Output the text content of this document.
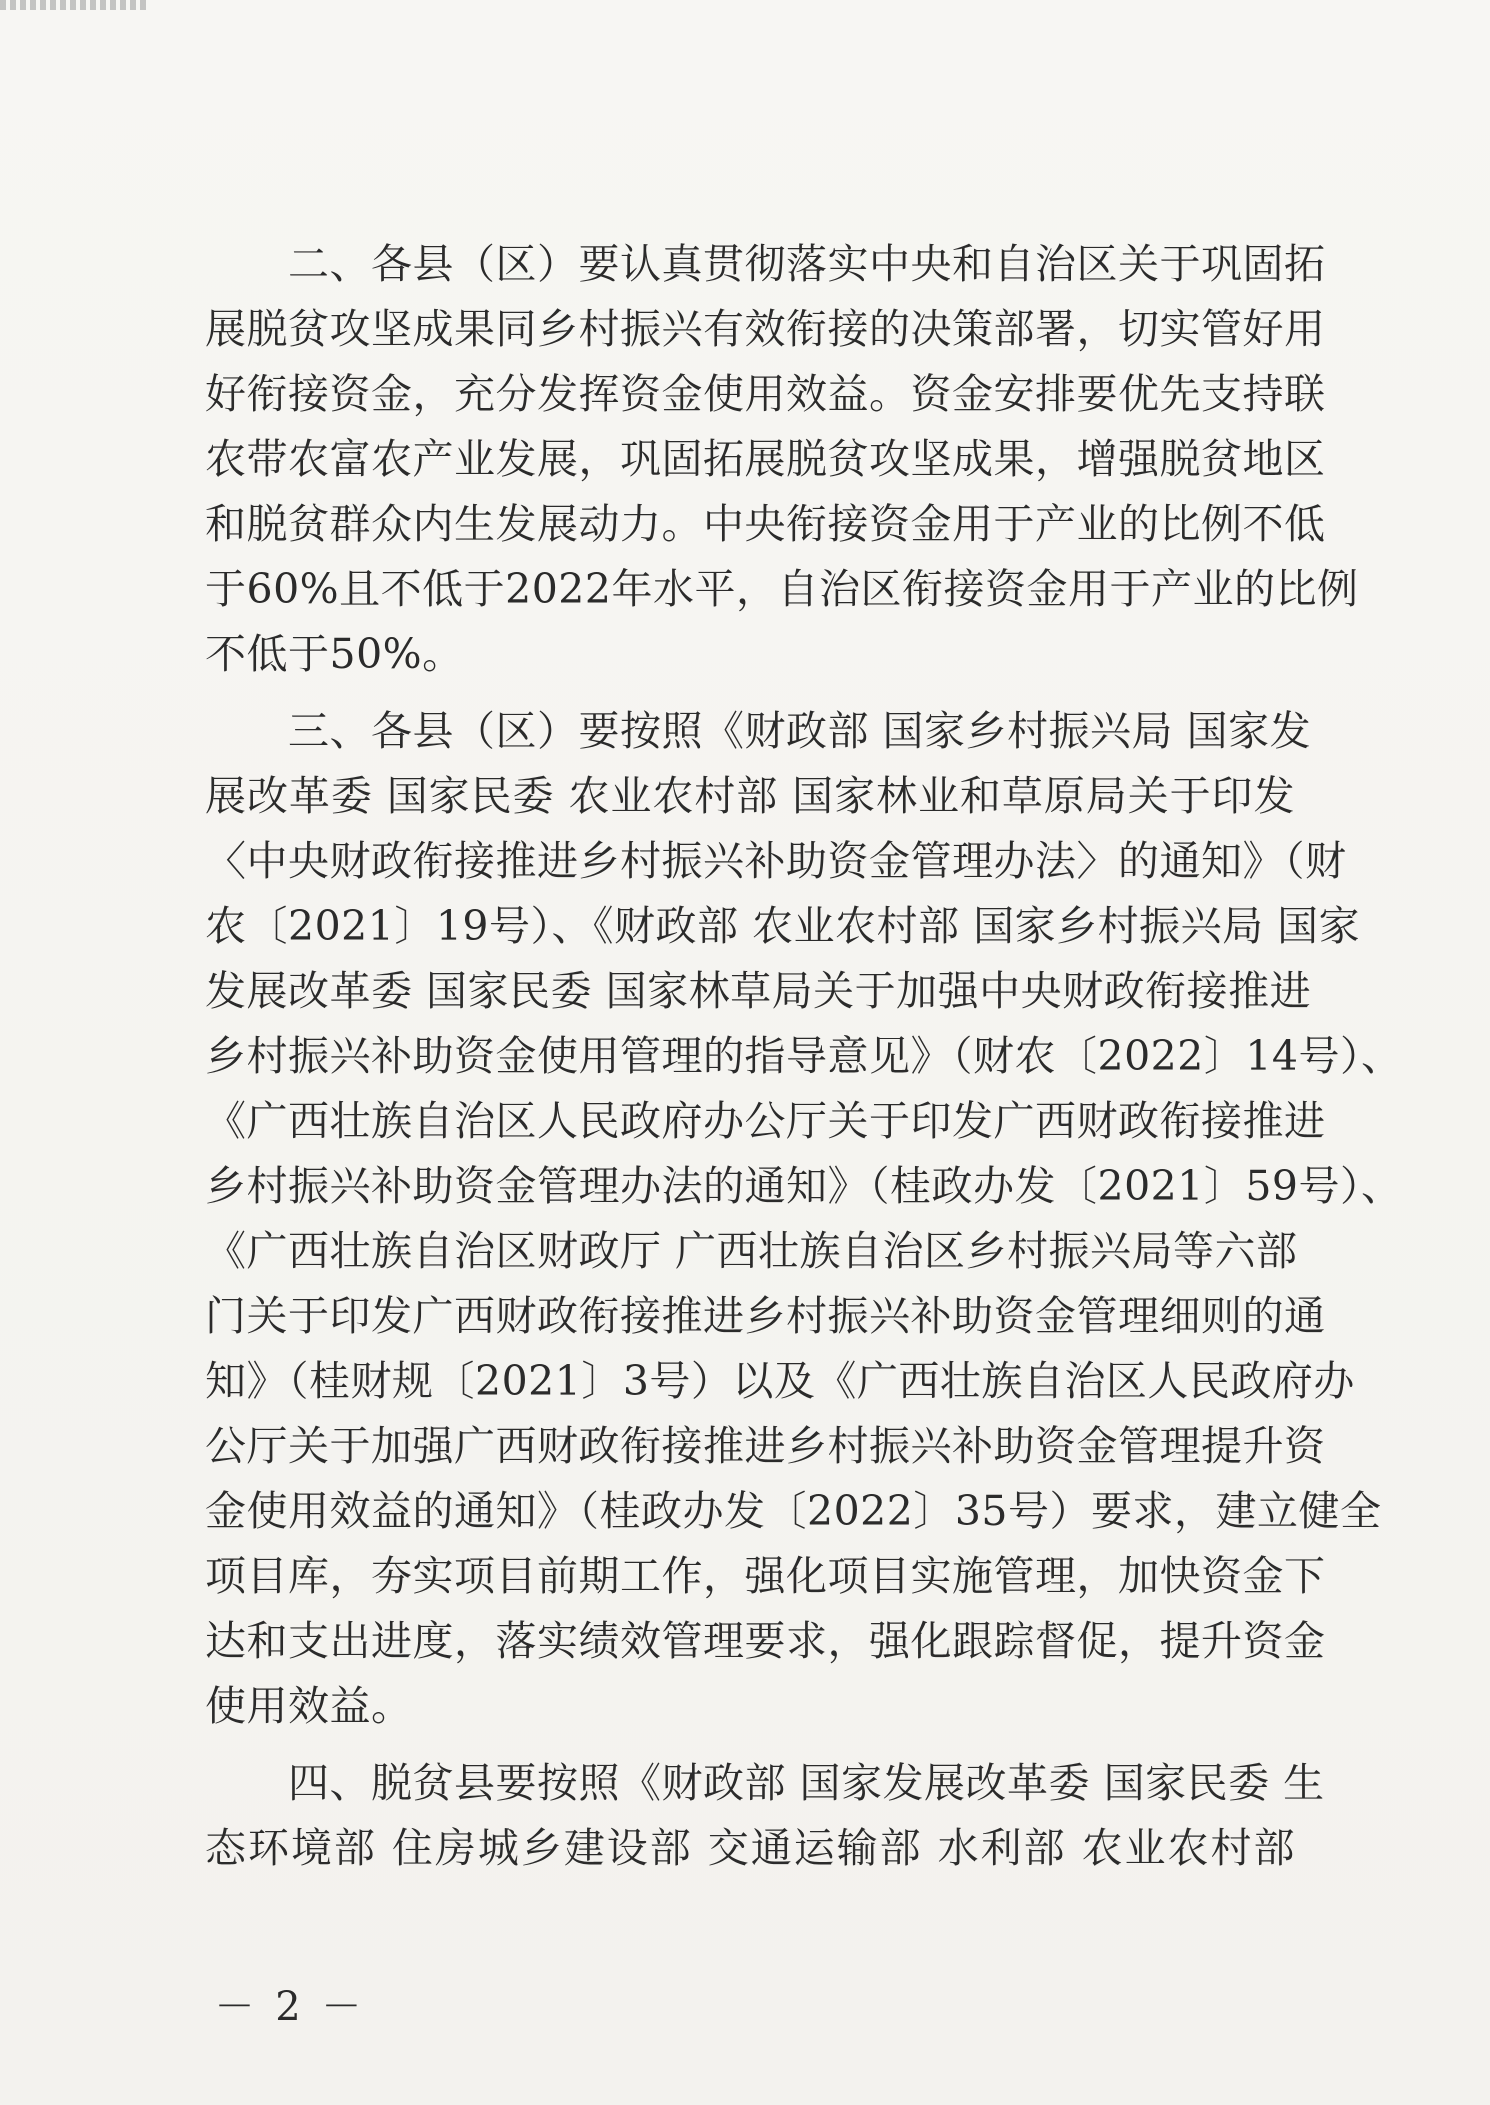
　　二、各县（区）要认真贯彻落实中央和自治区关于巩固拓
展脱贫攻坚成果同乡村振兴有效衔接的决策部署，切实管好用
好衔接资金，充分发挥资金使用效益。资金安排要优先支持联
农带农富农产业发展，巩固拓展脱贫攻坚成果，增强脱贫地区
和脱贫群众内生发展动力。中央衔接资金用于产业的比例不低
于60%且不低于2022年水平，自治区衔接资金用于产业的比例
不低于50%。
　　三、各县（区）要按照《财政部 国家乡村振兴局 国家发
展改革委 国家民委 农业农村部 国家林业和草原局关于印发
〈中央财政衔接推进乡村振兴补助资金管理办法〉的通知》（财
农〔2021〕19号）、《财政部 农业农村部 国家乡村振兴局 国家
发展改革委 国家民委 国家林草局关于加强中央财政衔接推进
乡村振兴补助资金使用管理的指导意见》（财农〔2022〕14号）、
《广西壮族自治区人民政府办公厅关于印发广西财政衔接推进
乡村振兴补助资金管理办法的通知》（桂政办发〔2021〕59号）、
《广西壮族自治区财政厅 广西壮族自治区乡村振兴局等六部
门关于印发广西财政衔接推进乡村振兴补助资金管理细则的通
知》（桂财规〔2021〕3号）以及《广西壮族自治区人民政府办
公厅关于加强广西财政衔接推进乡村振兴补助资金管理提升资
金使用效益的通知》（桂政办发〔2022〕35号）要求，建立健全
项目库，夯实项目前期工作，强化项目实施管理，加快资金下
达和支出进度，落实绩效管理要求，强化跟踪督促，提升资金
使用效益。
　　四、脱贫县要按照《财政部 国家发展改革委 国家民委 生
态环境部 住房城乡建设部 交通运输部 水利部 农业农村部
－ 2 －
